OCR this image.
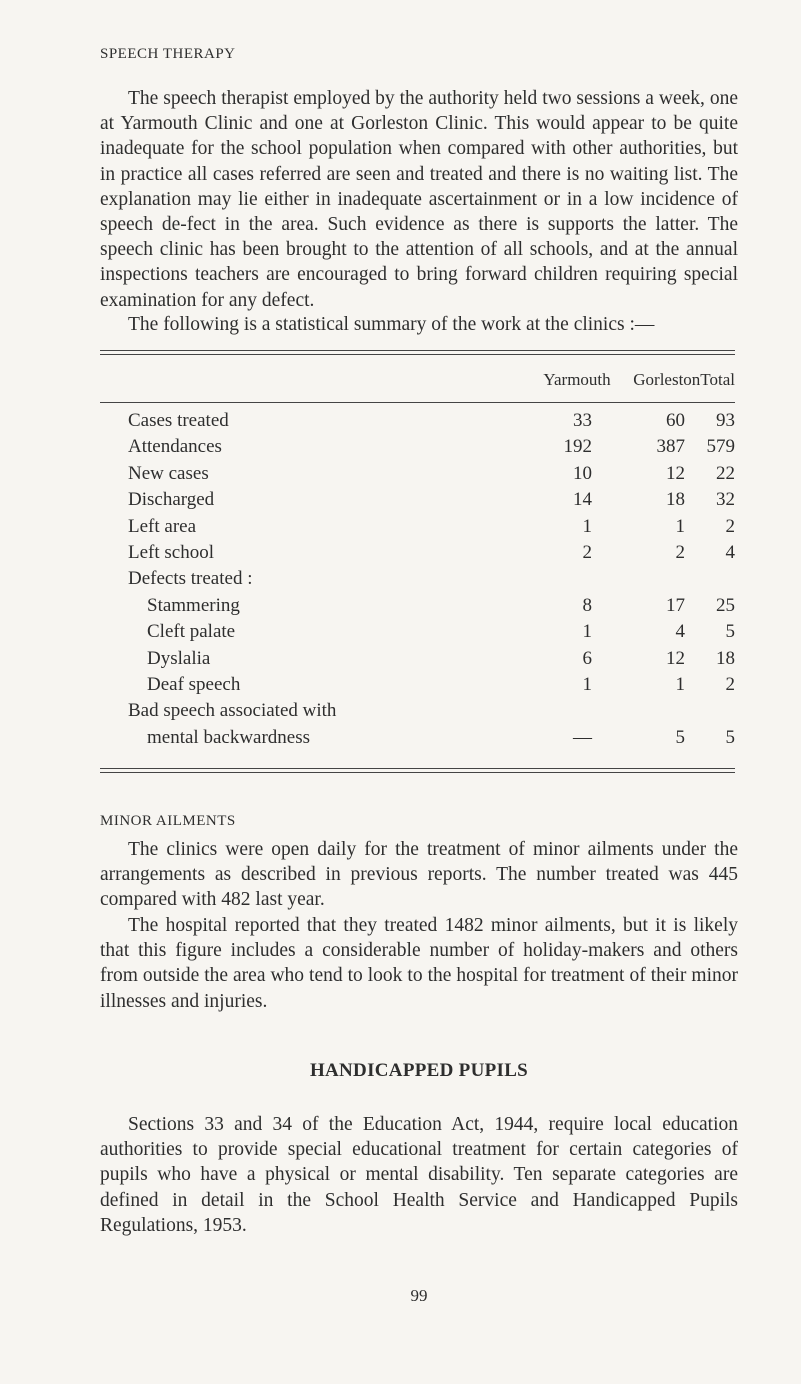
SPEECH THERAPY

The speech therapist employed by the authority held two sessions a week, one at Yarmouth Clinic and one at Gorleston Clinic. This would appear to be quite inadequate for the school population when compared with other authorities, but in practice all cases referred are seen and treated and there is no waiting list. The explanation may lie either in inadequate ascertainment or in a low incidence of speech de-fect in the area. Such evidence as there is supports the latter. The speech clinic has been brought to the attention of all schools, and at the annual inspections teachers are encouraged to bring forward children requiring special examination for any defect.

The following is a statistical summary of the work at the clinics :—

	Yarmouth	Gorleston	Total
Cases treated	33	60	93
Attendances	192	387	579
New cases	10	12	22
Discharged	14	18	32
Left area	1	1	2
Left school	2	2	4
Defects treated :			
Stammering	8	17	25
Cleft palate	1	4	5
Dyslalia	6	12	18
Deaf speech	1	1	2
Bad speech associated with			
mental backwardness	—	5	5
MINOR AILMENTS

The clinics were open daily for the treatment of minor ailments under the arrangements as described in previous reports. The number treated was 445 compared with 482 last year.

The hospital reported that they treated 1482 minor ailments, but it is likely that this figure includes a considerable number of holiday-makers and others from outside the area who tend to look to the hospital for treatment of their minor illnesses and injuries.

HANDICAPPED PUPILS

Sections 33 and 34 of the Education Act, 1944, require local education authorities to provide special educational treatment for certain categories of pupils who have a physical or mental disability. Ten separate categories are defined in detail in the School Health Service and Handicapped Pupils Regulations, 1953.

99
